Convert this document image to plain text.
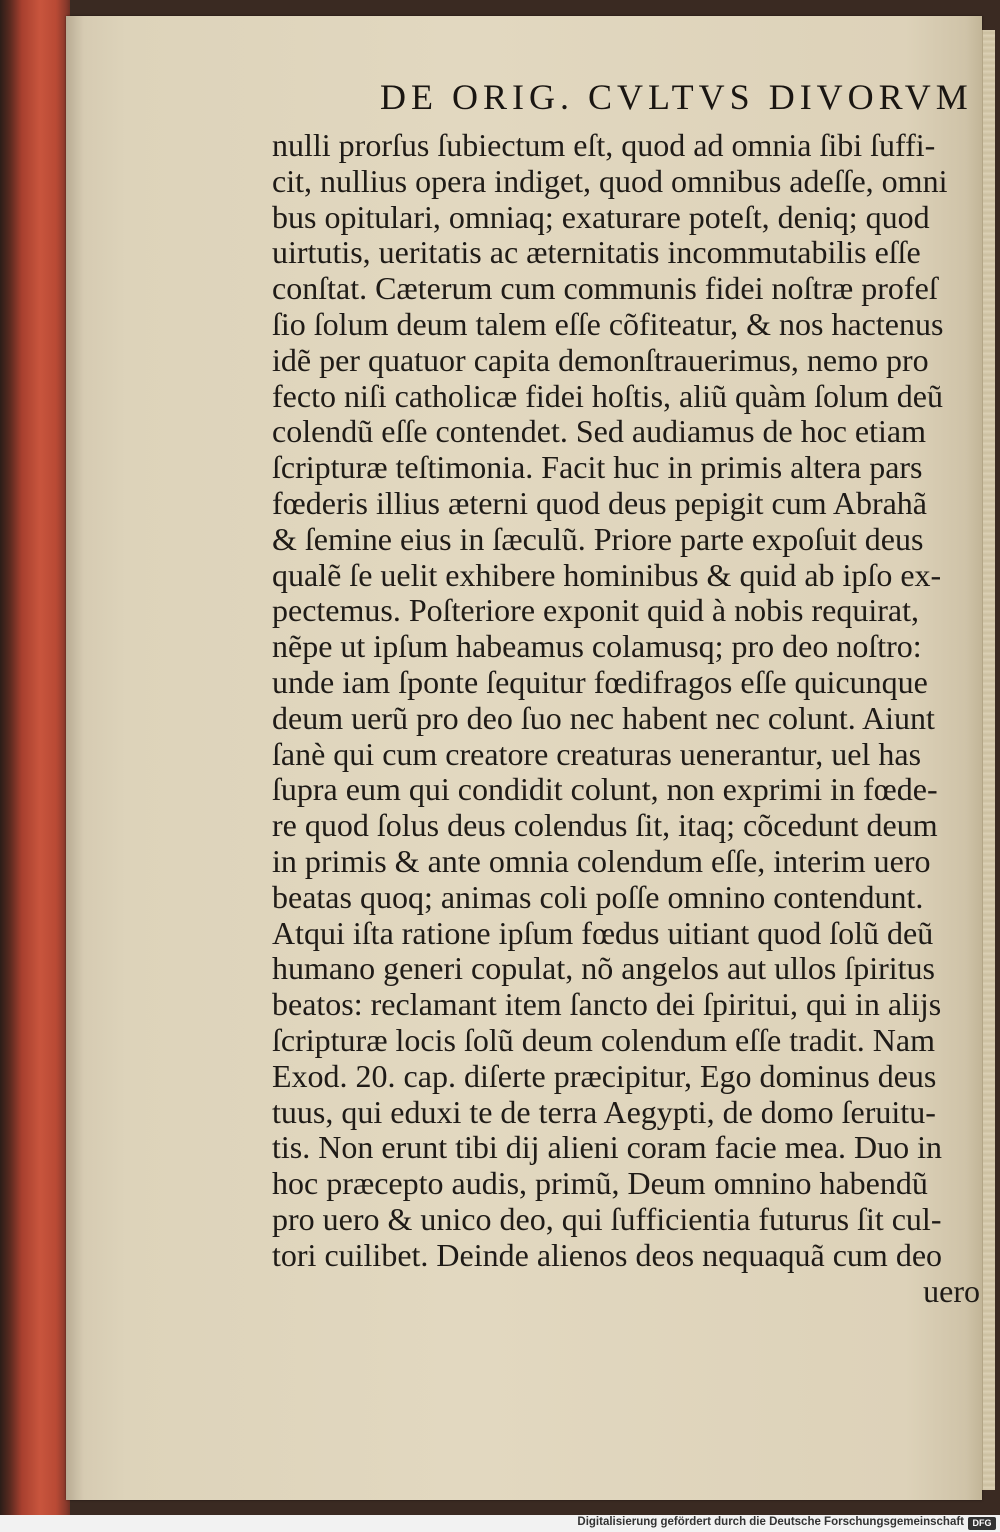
DE ORIG. CVLTVS DIVORVM
nulli prorſus ſubiectum eſt, quod ad omnia ſibi ſuffi-
cit, nullius opera indiget, quod omnibus adeſſe, omni
bus opitulari, omniaq; exaturare poteſt, deniq; quod
uirtutis, ueritatis ac æternitatis incommutabilis eſſe
conſtat. Cæterum cum communis fidei noſtræ profeſ
ſio ſolum deum talem eſſe cõfiteatur, & nos hactenus
idẽ per quatuor capita demonſtrauerimus, nemo pro
fecto niſi catholicæ fidei hoſtis, aliũ quàm ſolum deũ
colendũ eſſe contendet. Sed audiamus de hoc etiam
ſcripturæ teſtimonia. Facit huc in primis altera pars
fœderis illius æterni quod deus pepigit cum Abrahã
& ſemine eius in ſæculũ. Priore parte expoſuit deus
qualẽ ſe uelit exhibere hominibus & quid ab ipſo ex-
pectemus. Poſteriore exponit quid à nobis requirat,
nẽpe ut ipſum habeamus colamusq; pro deo noſtro:
unde iam ſponte ſequitur fœdifragos eſſe quicunque
deum uerũ pro deo ſuo nec habent nec colunt. Aiunt
ſanè qui cum creatore creaturas uenerantur, uel has
ſupra eum qui condidit colunt, non exprimi in fœde-
re quod ſolus deus colendus ſit, itaq; cõcedunt deum
in primis & ante omnia colendum eſſe, interim uero
beatas quoq; animas coli poſſe omnino contendunt.
Atqui iſta ratione ipſum fœdus uitiant quod ſolũ deũ
humano generi copulat, nõ angelos aut ullos ſpiritus
beatos: reclamant item ſancto dei ſpiritui, qui in alijs
ſcripturæ locis ſolũ deum colendum eſſe tradit. Nam
Exod. 20. cap. diſerte præcipitur, Ego dominus deus
tuus, qui eduxi te de terra Aegypti, de domo ſeruitu-
tis. Non erunt tibi dij alieni coram facie mea. Duo in
hoc præcepto audis, primũ, Deum omnino habendũ
pro uero & unico deo, qui ſufficientia futurus ſit cul-
tori cuilibet. Deinde alienos deos nequaquã cum deo
uero
Digitalisierung gefördert durch die Deutsche Forschungsgemeinschaft DFG
